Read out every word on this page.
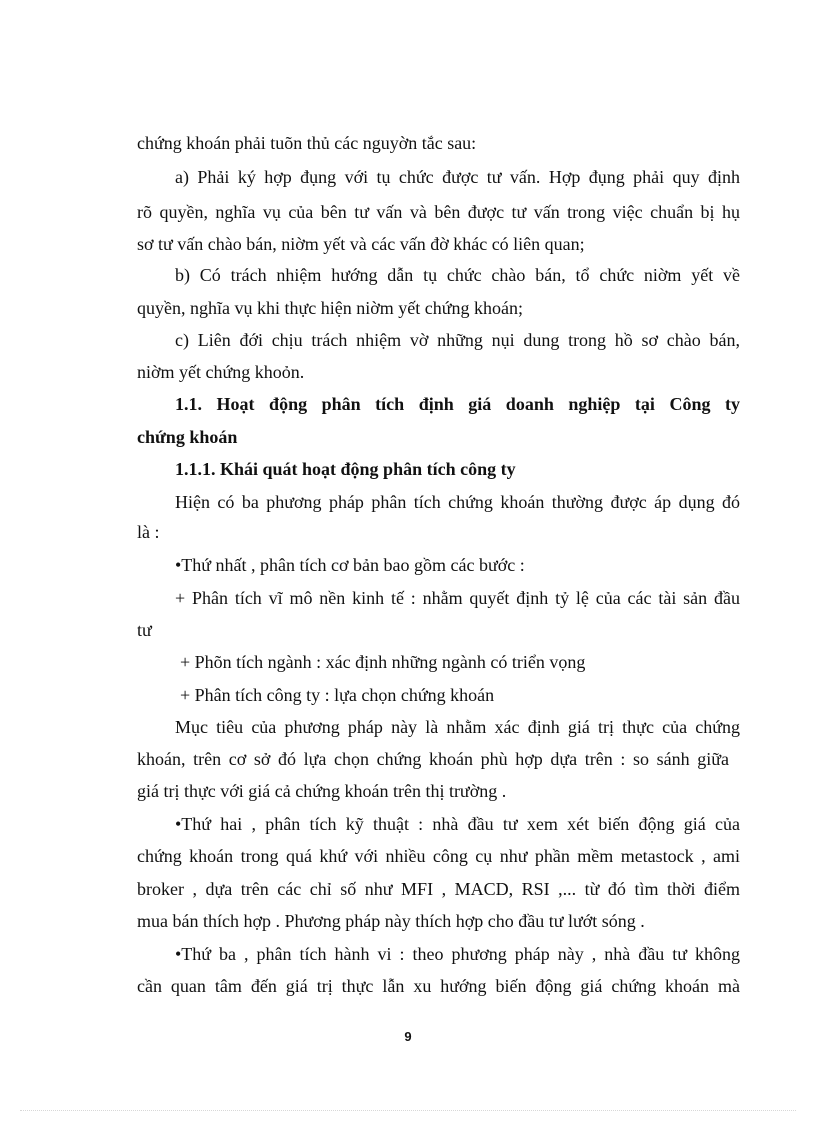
chứng khoán phải tuõn thủ các nguyờn tắc sau:
a) Phải ký hợp đụng với tụ chức được tư vấn. Hợp đụng phải quy định
rõ quyền, nghĩa vụ của bên tư vấn và bên được tư vấn trong việc chuẩn bị hụ
sơ tư vấn chào bán, niờm yết và các vấn đờ khác có liên quan;
b) Có trách nhiệm hướng dẫn tụ chức chào bán, tổ chức niờm yết về
quyền, nghĩa vụ khi thực hiện niờm yết chứng khoán;
c) Liên đới chịu trách nhiệm vờ những nụi dung trong hồ sơ chào bán,
niờm yết chứng khoỏn.
1.1. Hoạt động phân tích định giá doanh nghiệp tại Công ty
chứng khoán
1.1.1. Khái quát hoạt động phân tích công ty
Hiện có ba phương pháp phân tích chứng khoán thường được áp dụng đó
là :
•Thứ nhất , phân tích cơ bản bao gồm các bước :
+ Phân tích vĩ mô nền kinh tế : nhằm quyết định tỷ lệ của các tài sản đầu
tư
+ Phõn tích ngành : xác định những ngành có triển vọng
+ Phân tích công ty : lựa chọn chứng khoán
Mục tiêu của phương pháp này là nhằm xác định giá trị thực của chứng
khoán, trên cơ sở đó lựa chọn chứng khoán phù hợp dựa trên : so sánh giữa
giá trị thực với giá cả chứng khoán trên thị trường .
•Thứ hai , phân tích kỹ thuật : nhà đầu tư xem xét biến động giá của
chứng khoán trong quá khứ với nhiều công cụ như phần mềm metastock , ami
broker , dựa trên các chỉ số như MFI , MACD, RSI ,... từ đó tìm thời điểm
mua bán thích hợp . Phương pháp này thích hợp cho đầu tư lướt sóng .
•Thứ ba , phân tích hành vi : theo phương pháp này , nhà đầu tư không
cần quan tâm đến giá trị thực lẫn xu hướng biến động giá chứng khoán mà
9
